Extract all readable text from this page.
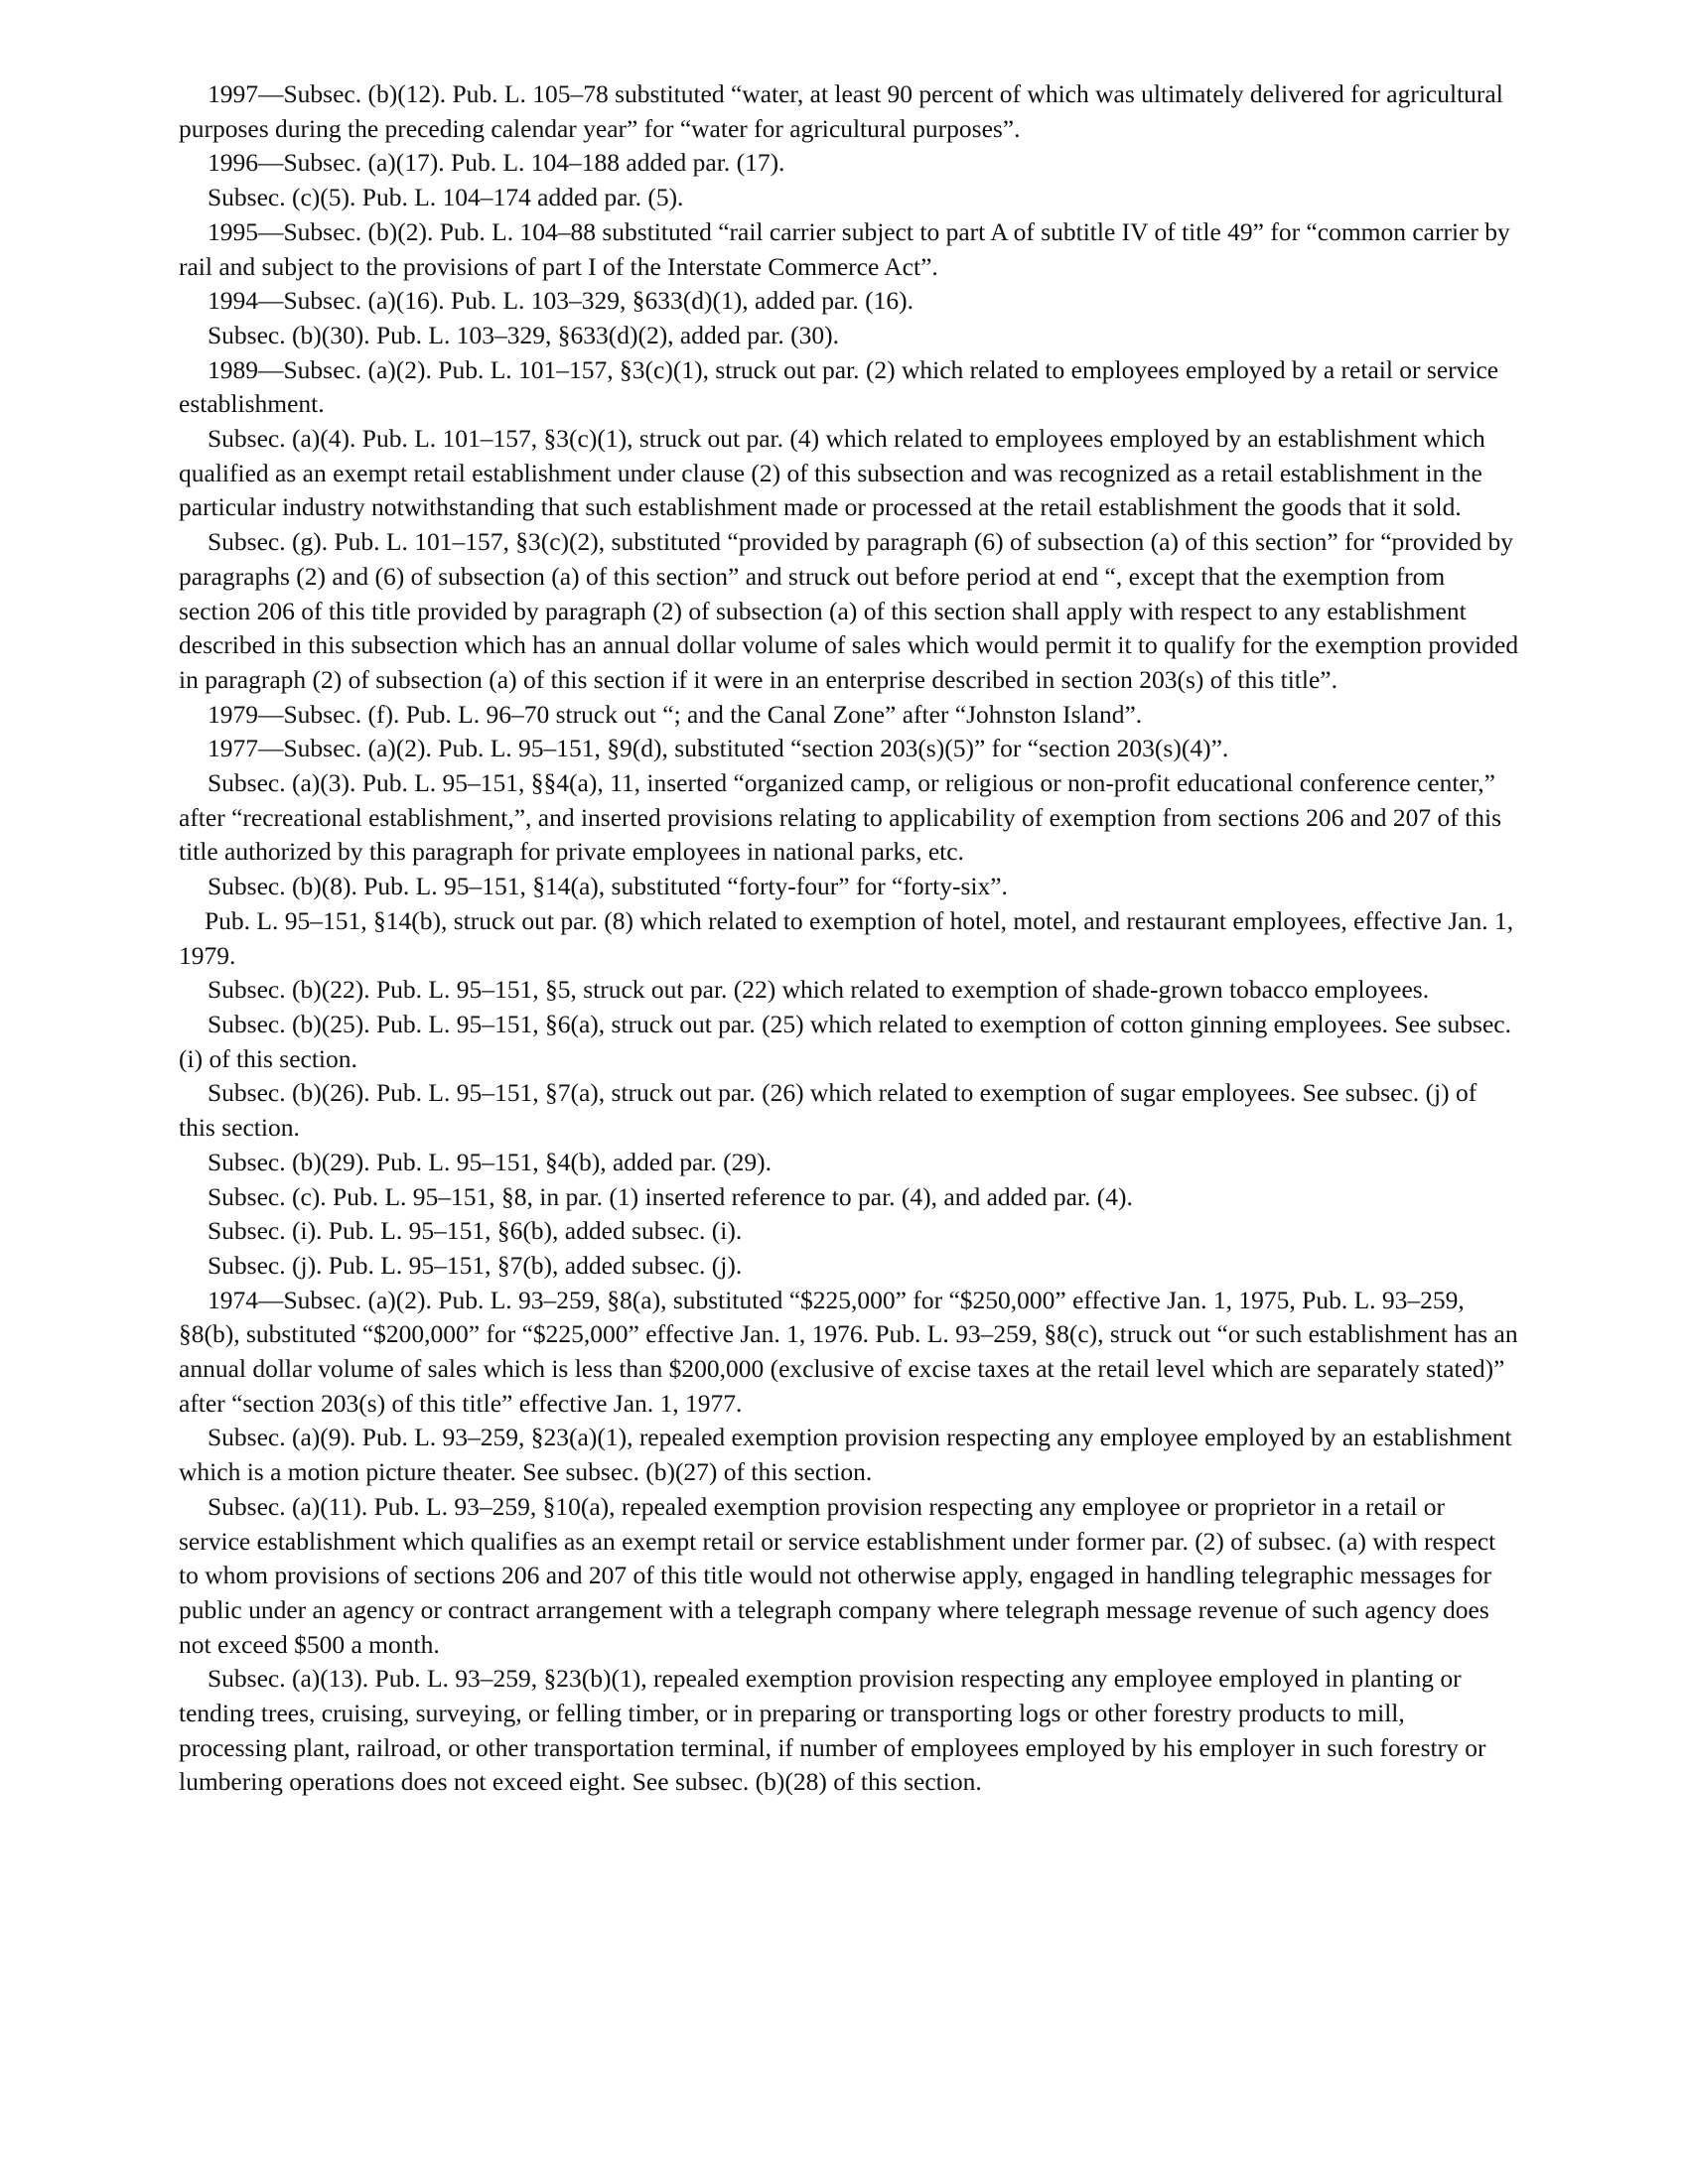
1997—Subsec. (b)(12). Pub. L. 105–78 substituted “water, at least 90 percent of which was ultimately delivered for agricultural purposes during the preceding calendar year” for “water for agricultural purposes”.

1996—Subsec. (a)(17). Pub. L. 104–188 added par. (17).

Subsec. (c)(5). Pub. L. 104–174 added par. (5).

1995—Subsec. (b)(2). Pub. L. 104–88 substituted “rail carrier subject to part A of subtitle IV of title 49” for “common carrier by rail and subject to the provisions of part I of the Interstate Commerce Act”.

1994—Subsec. (a)(16). Pub. L. 103–329, §633(d)(1), added par. (16).

Subsec. (b)(30). Pub. L. 103–329, §633(d)(2), added par. (30).

1989—Subsec. (a)(2). Pub. L. 101–157, §3(c)(1), struck out par. (2) which related to employees employed by a retail or service establishment.

Subsec. (a)(4). Pub. L. 101–157, §3(c)(1), struck out par. (4) which related to employees employed by an establishment which qualified as an exempt retail establishment under clause (2) of this subsection and was recognized as a retail establishment in the particular industry notwithstanding that such establishment made or processed at the retail establishment the goods that it sold.

Subsec. (g). Pub. L. 101–157, §3(c)(2), substituted “provided by paragraph (6) of subsection (a) of this section” for “provided by paragraphs (2) and (6) of subsection (a) of this section” and struck out before period at end “, except that the exemption from section 206 of this title provided by paragraph (2) of subsection (a) of this section shall apply with respect to any establishment described in this subsection which has an annual dollar volume of sales which would permit it to qualify for the exemption provided in paragraph (2) of subsection (a) of this section if it were in an enterprise described in section 203(s) of this title”.

1979—Subsec. (f). Pub. L. 96–70 struck out “; and the Canal Zone” after “Johnston Island”.

1977—Subsec. (a)(2). Pub. L. 95–151, §9(d), substituted “section 203(s)(5)” for “section 203(s)(4)”.

Subsec. (a)(3). Pub. L. 95–151, §§4(a), 11, inserted “organized camp, or religious or non-profit educational conference center,” after “recreational establishment,”, and inserted provisions relating to applicability of exemption from sections 206 and 207 of this title authorized by this paragraph for private employees in national parks, etc.

Subsec. (b)(8). Pub. L. 95–151, §14(a), substituted “forty-four” for “forty-six”.

Pub. L. 95–151, §14(b), struck out par. (8) which related to exemption of hotel, motel, and restaurant employees, effective Jan. 1, 1979.

Subsec. (b)(22). Pub. L. 95–151, §5, struck out par. (22) which related to exemption of shade-grown tobacco employees.

Subsec. (b)(25). Pub. L. 95–151, §6(a), struck out par. (25) which related to exemption of cotton ginning employees. See subsec. (i) of this section.

Subsec. (b)(26). Pub. L. 95–151, §7(a), struck out par. (26) which related to exemption of sugar employees. See subsec. (j) of this section.

Subsec. (b)(29). Pub. L. 95–151, §4(b), added par. (29).

Subsec. (c). Pub. L. 95–151, §8, in par. (1) inserted reference to par. (4), and added par. (4).

Subsec. (i). Pub. L. 95–151, §6(b), added subsec. (i).

Subsec. (j). Pub. L. 95–151, §7(b), added subsec. (j).

1974—Subsec. (a)(2). Pub. L. 93–259, §8(a), substituted “$225,000” for “$250,000” effective Jan. 1, 1975, Pub. L. 93–259, §8(b), substituted “$200,000” for “$225,000” effective Jan. 1, 1976. Pub. L. 93–259, §8(c), struck out “or such establishment has an annual dollar volume of sales which is less than $200,000 (exclusive of excise taxes at the retail level which are separately stated)” after “section 203(s) of this title” effective Jan. 1, 1977.

Subsec. (a)(9). Pub. L. 93–259, §23(a)(1), repealed exemption provision respecting any employee employed by an establishment which is a motion picture theater. See subsec. (b)(27) of this section.

Subsec. (a)(11). Pub. L. 93–259, §10(a), repealed exemption provision respecting any employee or proprietor in a retail or service establishment which qualifies as an exempt retail or service establishment under former par. (2) of subsec. (a) with respect to whom provisions of sections 206 and 207 of this title would not otherwise apply, engaged in handling telegraphic messages for public under an agency or contract arrangement with a telegraph company where telegraph message revenue of such agency does not exceed $500 a month.

Subsec. (a)(13). Pub. L. 93–259, §23(b)(1), repealed exemption provision respecting any employee employed in planting or tending trees, cruising, surveying, or felling timber, or in preparing or transporting logs or other forestry products to mill, processing plant, railroad, or other transportation terminal, if number of employees employed by his employer in such forestry or lumbering operations does not exceed eight. See subsec. (b)(28) of this section.
